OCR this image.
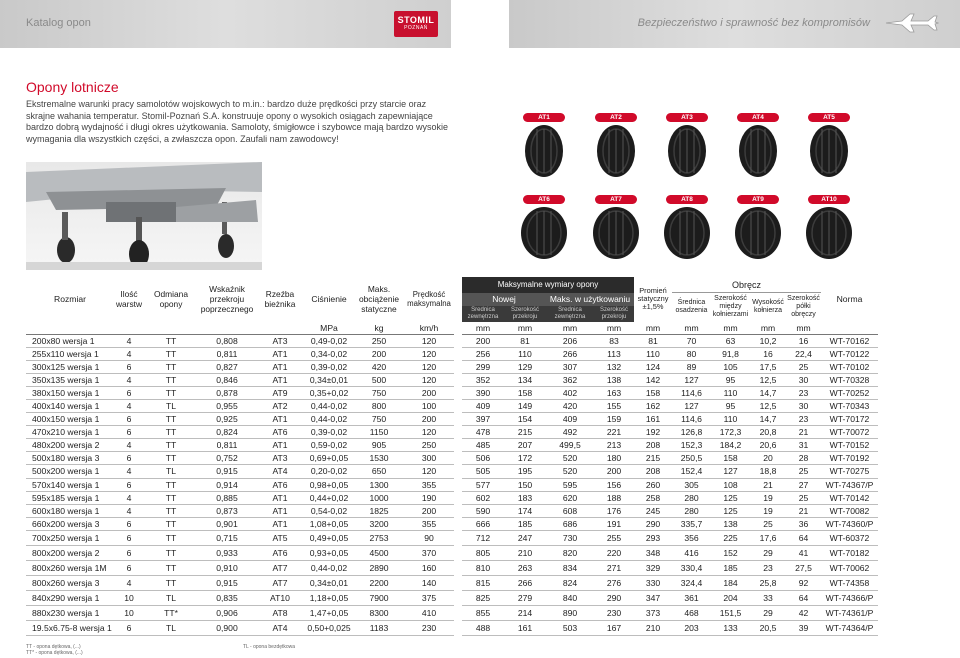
Katalog opon	STOMIL
POZNAŃ	Bezpieczeństwo i sprawność bez kompromisów
Opony lotnicze
Ekstremalne warunki pracy samolotów wojskowych to m.in.: bardzo duże prędkości przy starcie oraz skrajne wahania temperatur. Stomil-Poznań S.A. konstruuje opony o wysokich osiągach zapewniające bardzo dobrą wydajność i długi okres użytkowania. Samoloty, śmigłowce i szybowce mają bardzo wysokie wymagania dla wszystkich części, a zwłaszcza opon. Zaufali nam zawodowcy!
AT1	AT2	AT3	AT4	AT5
AT6	AT7	AT8	AT9	AT10
Rozmiar	Ilość warstw	Odmiana opony	Wskaźnik przekroju poprzecznego	Rzeźba bieżnika	Ciśnienie	Maks. obciążenie statyczne	Prędkość maksymalna		Maksymalne wymiary opony				Promień statyczny ±1,5%	Obręcz				Norma
									Nowej		Maks. w użytkowaniu			Średnica osadzenia	Szerokość między kołnierzami	Wysokość kołnierza	Szerokość półki obręczy	
									Średnica zewnętrzna	Szerokość przekroju	Średnica zewnętrzna	Szerokość przekroju						
					MPa	kg	km/h		mm	mm	mm	mm	mm	mm	mm	mm	mm	
200x80 wersja 1	4	TT	0,808	AT3	0,49-0,02	250	120		200	81	206	83	81	70	63	10,2	16	WT-70162
255x110 wersja 1	4	TT	0,811	AT1	0,34-0,02	200	120		256	110	266	113	110	80	91,8	16	22,4	WT-70122
300x125 wersja 1	6	TT	0,827	AT1	0,39-0,02	420	120		299	129	307	132	124	89	105	17,5	25	WT-70102
350x135 wersja 1	4	TT	0,846	AT1	0,34±0,01	500	120		352	134	362	138	142	127	95	12,5	30	WT-70328
380x150 wersja 1	6	TT	0,878	AT9	0,35+0,02	750	200		390	158	402	163	158	114,6	110	14,7	23	WT-70252
400x140 wersja 1	4	TL	0,955	AT2	0,44-0,02	800	100		409	149	420	155	162	127	95	12,5	30	WT-70343
400x150 wersja 1	6	TT	0,925	AT1	0,44-0,02	750	200		397	154	409	159	161	114,6	110	14,7	23	WT-70172
470x210 wersja 1	6	TT	0,824	AT6	0,39-0,02	1150	120		478	215	492	221	192	126,8	172,3	20,8	21	WT-70072
480x200 wersja 2	4	TT	0,811	AT1	0,59-0,02	905	250		485	207	499,5	213	208	152,3	184,2	20,6	31	WT-70152
500x180 wersja 3	6	TT	0,752	AT3	0,69+0,05	1530	300		506	172	520	180	215	250,5	158	20	28	WT-70192
500x200 wersja 1	4	TL	0,915	AT4	0,20-0,02	650	120		505	195	520	200	208	152,4	127	18,8	25	WT-70275
570x140 wersja 1	6	TT	0,914	AT6	0,98+0,05	1300	355		577	150	595	156	260	305	108	21	27	WT-74367/P
595x185 wersja 1	4	TT	0,885	AT1	0,44+0,02	1000	190		602	183	620	188	258	280	125	19	25	WT-70142
600x180 wersja 1	4	TT	0,873	AT1	0,54-0,02	1825	200		590	174	608	176	245	280	125	19	21	WT-70082
660x200 wersja 3	6	TT	0,901	AT1	1,08+0,05	3200	355		666	185	686	191	290	335,7	138	25	36	WT-74360/P
700x250 wersja 1	6	TT	0,715	AT5	0,49+0,05	2753	90		712	247	730	255	293	356	225	17,6	64	WT-60372
800x200 wersja 2	6	TT	0,933	AT6	0,93+0,05	4500	370		805	210	820	220	348	416	152	29	41	WT-70182
800x260 wersja 1M	6	TT	0,910	AT7	0,44-0,02	2890	160		810	263	834	271	329	330,4	185	23	27,5	WT-70062
800x260 wersja 3	4	TT	0,915	AT7	0,34±0,01	2200	140		815	266	824	276	330	324,4	184	25,8	92	WT-74358
840x290 wersja 1	10	TL	0,835	AT10	1,18+0,05	7900	375		825	279	840	290	347	361	204	33	64	WT-74366/P
880x230 wersja 1	10	TT*	0,906	AT8	1,47+0,05	8300	410		855	214	890	230	373	468	151,5	29	42	WT-74361/P
19.5x6.75-8 wersja 1	6	TL	0,900	AT4	0,50+0,025	1183	230		488	161	503	167	210	203	133	20,5	39	WT-74364/P
TT - opona dętkowa, (...)
TT* - opona dętkowa, (...)
TL - opona bezdętkowa
